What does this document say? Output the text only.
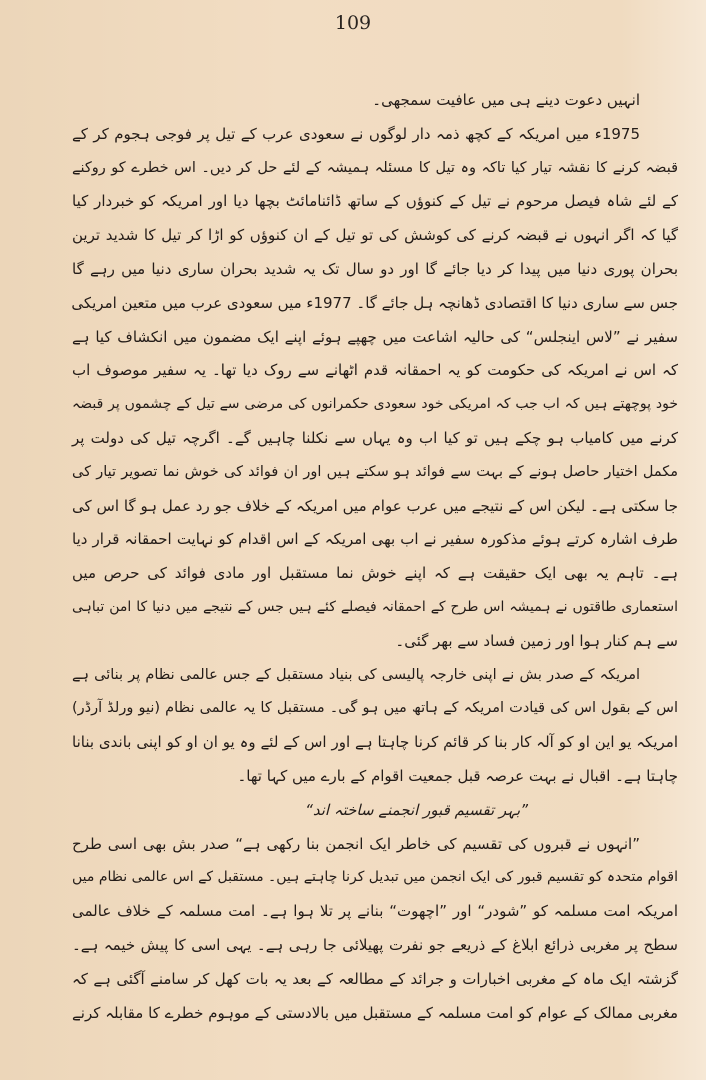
109
انہیں دعوت دینے ہی میں عافیت سمجھی۔
1975ء میں امریکہ کے کچھ ذمہ دار لوگوں نے سعودی عرب کے تیل پر فوجی ہجوم کر کے
قبضہ کرنے کا نقشہ تیار کیا تاکہ وہ تیل کا مسئلہ ہمیشہ کے لئے حل کر دیں۔ اس خطرے کو روکنے
کے لئے شاہ فیصل مرحوم نے تیل کے کنوؤں کے ساتھ ڈائنامائٹ بچھا دیا اور امریکہ کو خبردار کیا
گیا کہ اگر انہوں نے قبضہ کرنے کی کوشش کی تو تیل کے ان کنوؤں کو اڑا کر تیل کا شدید ترین
بحران پوری دنیا میں پیدا کر دیا جائے گا اور دو سال تک یہ شدید بحران ساری دنیا میں رہے گا
جس سے ساری دنیا کا اقتصادی ڈھانچہ ہل جائے گا۔ 1977ء میں سعودی عرب میں متعین امریکی
سفیر نے ”لاس اینجلس“ کی حالیہ اشاعت میں چھپے ہوئے اپنے ایک مضمون میں انکشاف کیا ہے
کہ اس نے امریکہ کی حکومت کو یہ احمقانہ قدم اٹھانے سے روک دیا تھا۔ یہ سفیر موصوف اب
خود پوچھتے ہیں کہ اب جب کہ امریکی خود سعودی حکمرانوں کی مرضی سے تیل کے چشموں پر قبضہ
کرنے میں کامیاب ہو چکے ہیں تو کیا اب وہ یہاں سے نکلنا چاہیں گے۔ اگرچہ تیل کی دولت پر
مکمل اختیار حاصل ہونے کے بہت سے فوائد ہو سکتے ہیں اور ان فوائد کی خوش نما تصویر تیار کی
جا سکتی ہے۔ لیکن اس کے نتیجے میں عرب عوام میں امریکہ کے خلاف جو رد عمل ہو گا اس کی
طرف اشارہ کرتے ہوئے مذکورہ سفیر نے اب بھی امریکہ کے اس اقدام کو نہایت احمقانہ قرار دیا
ہے۔ تاہم یہ بھی ایک حقیقت ہے کہ اپنے خوش نما مستقبل اور مادی فوائد کی حرص میں
استعماری طاقتوں نے ہمیشہ اس طرح کے احمقانہ فیصلے کئے ہیں جس کے نتیجے میں دنیا کا امن تباہی
سے ہم کنار ہوا اور زمین فساد سے بھر گئی۔
امریکہ کے صدر بش نے اپنی خارجہ پالیسی کی بنیاد مستقبل کے جس عالمی نظام پر بنائی ہے
اس کے بقول اس کی قیادت امریکہ کے ہاتھ میں ہو گی۔ مستقبل کا یہ عالمی نظام (نیو ورلڈ آرڈر)
امریکہ یو این او کو آلہ کار بنا کر قائم کرنا چاہتا ہے اور اس کے لئے وہ یو ان او کو اپنی باندی بنانا
چاہتا ہے۔ اقبال نے بہت عرصہ قبل جمعیت اقوام کے بارے میں کہا تھا۔
”بہر تقسیم قبور انجمنے ساختہ اند“
”انہوں نے قبروں کی تقسیم کی خاطر ایک انجمن بنا رکھی ہے“ صدر بش بھی اسی طرح
اقوام متحدہ کو تقسیم قبور کی ایک انجمن میں تبدیل کرنا چاہتے ہیں۔ مستقبل کے اس عالمی نظام میں
امریکہ امت مسلمہ کو ”شودر“ اور ”اچھوت“ بنانے پر تلا ہوا ہے۔ امت مسلمہ کے خلاف عالمی
سطح پر مغربی ذرائع ابلاغ کے ذریعے جو نفرت پھیلائی جا رہی ہے۔ یہی اسی کا پیش خیمہ ہے۔
گزشتہ ایک ماہ کے مغربی اخبارات و جرائد کے مطالعہ کے بعد یہ بات کھل کر سامنے آگئی ہے کہ
مغربی ممالک کے عوام کو امت مسلمہ کے مستقبل میں بالادستی کے موہوم خطرے کا مقابلہ کرنے
